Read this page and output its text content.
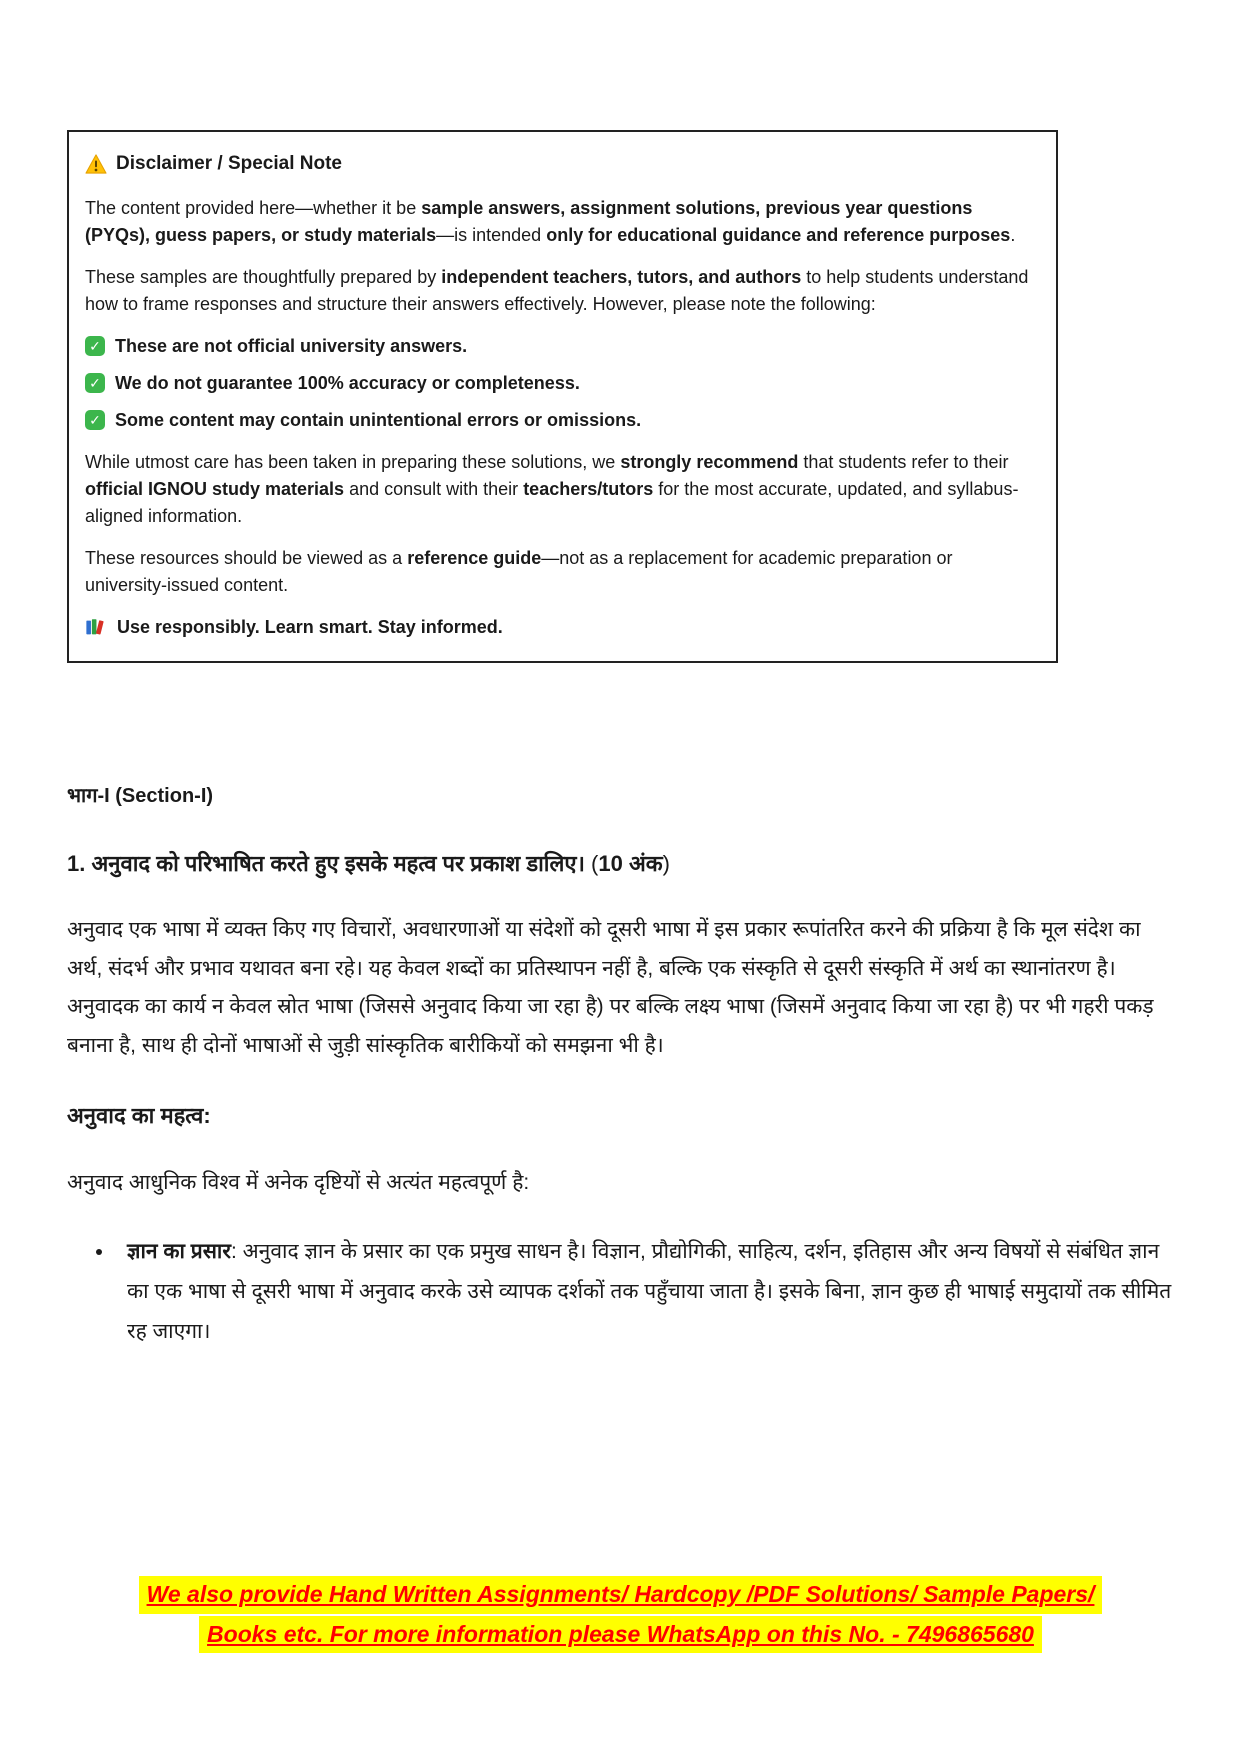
Disclaimer / Special Note

The content provided here—whether it be sample answers, assignment solutions, previous year questions (PYQs), guess papers, or study materials—is intended only for educational guidance and reference purposes.

These samples are thoughtfully prepared by independent teachers, tutors, and authors to help students understand how to frame responses and structure their answers effectively. However, please note the following:

✓
These are not official university answers.
✓
We do not guarantee 100% accuracy or completeness.
✓
Some content may contain unintentional errors or omissions.

While utmost care has been taken in preparing these solutions, we strongly recommend that students refer to their official IGNOU study materials and consult with their teachers/tutors for the most accurate, updated, and syllabus-aligned information.

These resources should be viewed as a reference guide—not as a replacement for academic preparation or university-issued content.

Use responsibly. Learn smart. Stay informed.
भाग-I (Section-I)
1. अनुवाद को परिभाषित करते हुए इसके महत्व पर प्रकाश डालिए। (10 अंक)

अनुवाद एक भाषा में व्यक्त किए गए विचारों, अवधारणाओं या संदेशों को दूसरी भाषा में इस प्रकार रूपांतरित करने की प्रक्रिया है कि मूल संदेश का अर्थ, संदर्भ और प्रभाव यथावत बना रहे। यह केवल शब्दों का प्रतिस्थापन नहीं है, बल्कि एक संस्कृति से दूसरी संस्कृति में अर्थ का स्थानांतरण है। अनुवादक का कार्य न केवल स्रोत भाषा (जिससे अनुवाद किया जा रहा है) पर बल्कि लक्ष्य भाषा (जिसमें अनुवाद किया जा रहा है) पर भी गहरी पकड़ बनाना है, साथ ही दोनों भाषाओं से जुड़ी सांस्कृतिक बारीकियों को समझना भी है।

अनुवाद का महत्व:

अनुवाद आधुनिक विश्व में अनेक दृष्टियों से अत्यंत महत्वपूर्ण है:

• ज्ञान का प्रसार: अनुवाद ज्ञान के प्रसार का एक प्रमुख साधन है। विज्ञान, प्रौद्योगिकी, साहित्य, दर्शन, इतिहास और अन्य विषयों से संबंधित ज्ञान का एक भाषा से दूसरी भाषा में अनुवाद करके उसे व्यापक दर्शकों तक पहुँचाया जाता है। इसके बिना, ज्ञान कुछ ही भाषाई समुदायों तक सीमित रह जाएगा।
We also provide Hand Written Assignments/ Hardcopy /PDF Solutions/ Sample Papers/
Books etc. For more information please WhatsApp on this No. - 7496865680
